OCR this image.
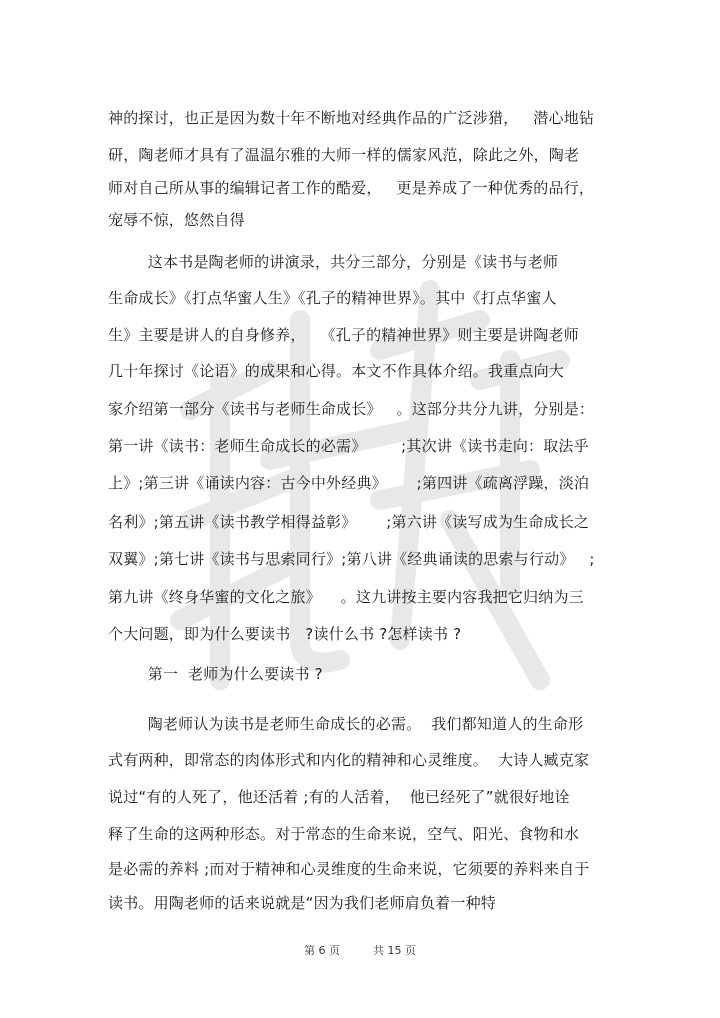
神的探讨，也正是因为数十年不断地对经典作品的广泛涉猎，   潜心地钻

研，陶老师才具有了温温尔雅的大师一样的儒家风范，除此之外，陶老

师对自己所从事的编辑记者工作的酷爱，   更是养成了一种优秀的品行，

宠辱不惊，悠然自得

这本书是陶老师的讲演录，共分三部分，分别是《读书与老师

生命成长》《打点华蜜人生》《孔子的精神世界》。其中《打点华蜜人

生》主要是讲人的自身修养，   《孔子的精神世界》则主要是讲陶老师

几十年探讨《论语》的成果和心得。本文不作具体介绍。我重点向大

家介绍第一部分《读书与老师生命成长》   。这部分共分九讲，分别是：

第一讲《读书：老师生命成长的必需》       ;其次讲《读书走向：取法乎

上》;第三讲《诵读内容：古今中外经典》      ;第四讲《疏离浮躁，淡泊

名利》;第五讲《读书教学相得益彰》      ;第六讲《读写成为生命成长之

双翼》;第七讲《读书与思索同行》;第八讲《经典诵读的思索与行动》   ;

第九讲《终身华蜜的文化之旅》    。这九讲按主要内容我把它归纳为三

个大问题，即为什么要读书   ?读什么书 ?怎样读书 ?

第一  老师为什么要读书 ?

陶老师认为读书是老师生命成长的必需。  我们都知道人的生命形

式有两种，即常态的肉体形式和内化的精神和心灵维度。  大诗人臧克家

说过“有的人死了，他还活着 ;有的人活着，  他已经死了”就很好地诠

释了生命的这两种形态。对于常态的生命来说，空气、阳光、食物和水

是必需的养料 ;而对于精神和心灵维度的生命来说，它须要的养料来自于

读书。用陶老师的话来说就是“因为我们老师肩负着一种特

第 6 页	共 15 页
